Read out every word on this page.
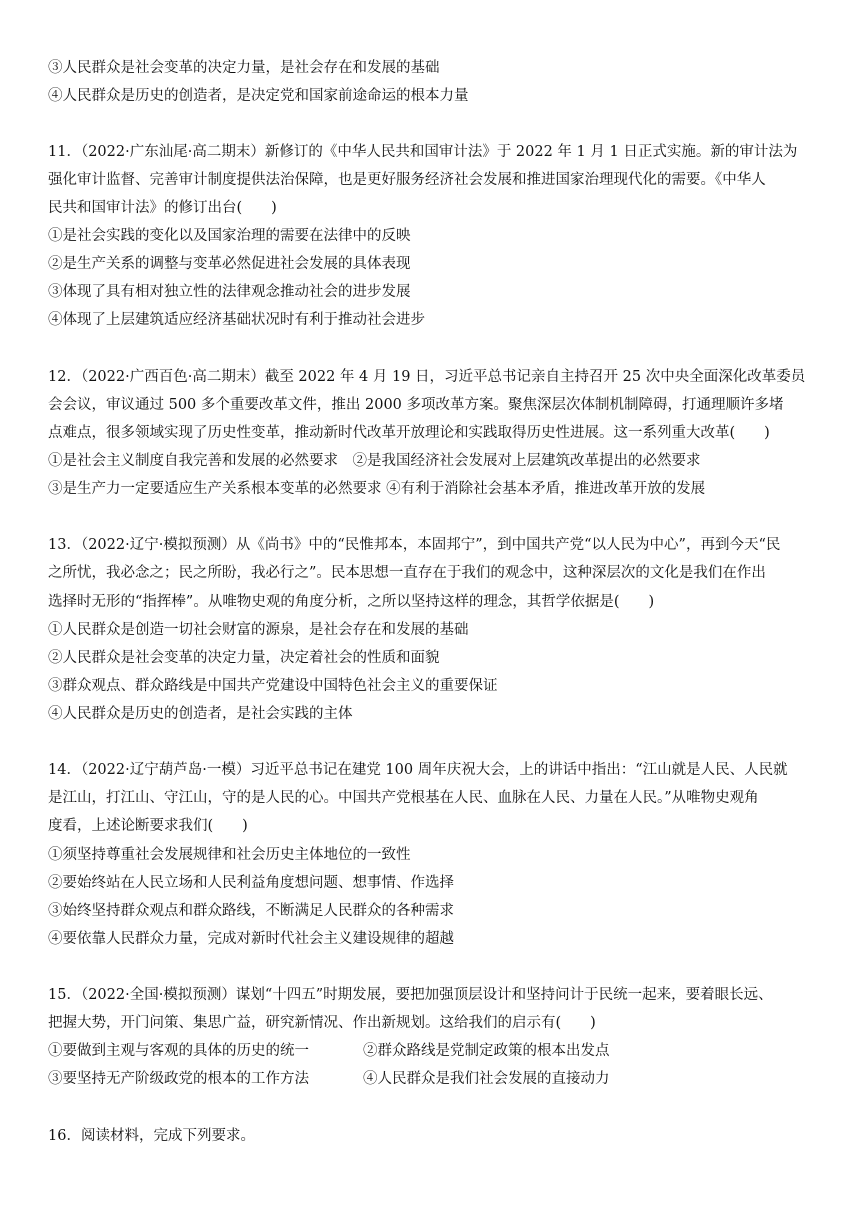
③人民群众是社会变革的决定力量，是社会存在和发展的基础
④人民群众是历史的创造者，是决定党和国家前途命运的根本力量
11．（2022·广东汕尾·高二期末）新修订的《中华人民共和国审计法》于 2022 年 1 月 1 日正式实施。新的审计法为
强化审计监督、完善审计制度提供法治保障，也是更好服务经济社会发展和推进国家治理现代化的需要。《中华人
民共和国审计法》的修订出台(　　)
①是社会实践的变化以及国家治理的需要在法律中的反映
②是生产关系的调整与变革必然促进社会发展的具体表现
③体现了具有相对独立性的法律观念推动社会的进步发展
④体现了上层建筑适应经济基础状况时有利于推动社会进步
12．（2022·广西百色·高二期末）截至 2022 年 4 月 19 日，习近平总书记亲自主持召开 25 次中央全面深化改革委员
会会议，审议通过 500 多个重要改革文件，推出 2000 多项改革方案。聚焦深层次体制机制障碍，打通理顺许多堵
点难点，很多领域实现了历史性变革，推动新时代改革开放理论和实践取得历史性进展。这一系列重大改革(　　)
①是社会主义制度自我完善和发展的必然要求　②是我国经济社会发展对上层建筑改革提出的必然要求
③是生产力一定要适应生产关系根本变革的必然要求 ④有利于消除社会基本矛盾，推进改革开放的发展
13．（2022·辽宁·模拟预测）从《尚书》中的“民惟邦本，本固邦宁”，到中国共产党“以人民为中心”，再到今天“民
之所忧，我必念之；民之所盼，我必行之”。民本思想一直存在于我们的观念中，这种深层次的文化是我们在作出
选择时无形的“指挥棒”。从唯物史观的角度分析，之所以坚持这样的理念，其哲学依据是(　　)
①人民群众是创造一切社会财富的源泉，是社会存在和发展的基础
②人民群众是社会变革的决定力量，决定着社会的性质和面貌
③群众观点、群众路线是中国共产党建设中国特色社会主义的重要保证
④人民群众是历史的创造者，是社会实践的主体
14．（2022·辽宁葫芦岛·一模）习近平总书记在建党 100 周年庆祝大会，上的讲话中指出：“江山就是人民、人民就
是江山，打江山、守江山，守的是人民的心。中国共产党根基在人民、血脉在人民、力量在人民。”从唯物史观角
度看，上述论断要求我们(　　)
①须坚持尊重社会发展规律和社会历史主体地位的一致性
②要始终站在人民立场和人民利益角度想问题、想事情、作选择
③始终坚持群众观点和群众路线，不断满足人民群众的各种需求
④要依靠人民群众力量，完成对新时代社会主义建设规律的超越
15．（2022·全国·模拟预测）谋划“十四五”时期发展，要把加强顶层设计和坚持问计于民统一起来，要着眼长远、
把握大势，开门问策、集思广益，研究新情况、作出新规划。这给我们的启示有(　　)
①要做到主观与客观的具体的历史的统一	②群众路线是党制定政策的根本出发点
③要坚持无产阶级政党的根本的工作方法	④人民群众是我们社会发展的直接动力
16．阅读材料，完成下列要求。
